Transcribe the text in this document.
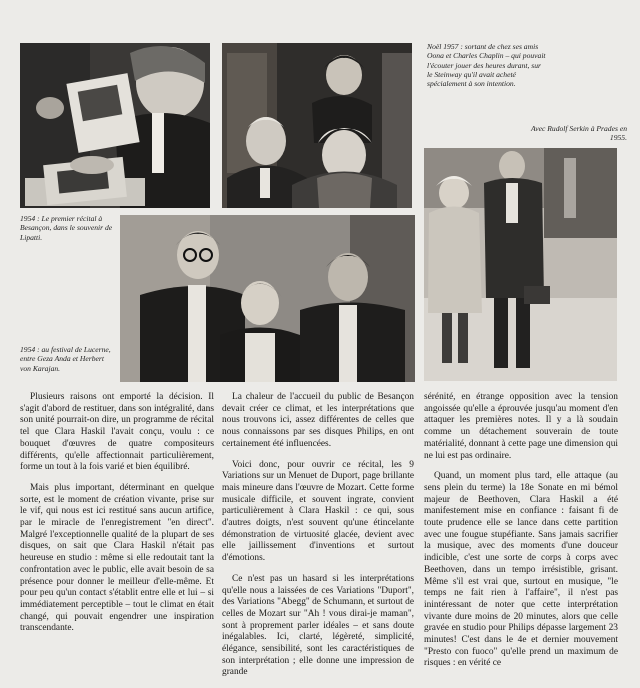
Noël 1957 : sortant de chez ses amis Oona et Charles Chaplin – qui pouvait l'écouter jouer des heures durant, sur le Steinway qu'il avait acheté spécialement à son intention.
Avec Rudolf Serkin à Prades en 1955.
1954 : Le premier récital à Besançon, dans le souvenir de Lipatti.
1954 : au festival de Lucerne, entre Geza Anda et Herbert von Karajan.

Plusieurs raisons ont emporté la décision. Il s'agit d'abord de restituer, dans son intégralité, dans son unité pourrait-on dire, un programme de récital tel que Clara Haskil l'avait conçu, voulu : ce bouquet d'œuvres de quatre compositeurs différents, qu'elle affectionnait particulièrement, forme un tout à la fois varié et bien équilibré.

Mais plus important, déterminant en quelque sorte, est le moment de création vivante, prise sur le vif, qui nous est ici restitué sans aucun artifice, par le miracle de l'enregistrement "en direct". Malgré l'exceptionnelle qualité de la plupart de ses disques, on sait que Clara Haskil n'était pas heureuse en studio : même si elle redoutait tant la confrontation avec le public, elle avait besoin de sa présence pour donner le meilleur d'elle-même. Et pour peu qu'un contact s'établit entre elle et lui – si immédiatement perceptible – tout le climat en était changé, qui pouvait engendrer une inspiration transcendante.

La chaleur de l'accueil du public de Besançon devait créer ce climat, et les interprétations que nous trouvons ici, assez différentes de celles que nous connaissons par ses disques Philips, en ont certainement été influencées.

Voici donc, pour ouvrir ce récital, les 9 Variations sur un Menuet de Duport, page brillante mais mineure dans l'œuvre de Mozart. Cette forme musicale difficile, et souvent ingrate, convient particulièrement à Clara Haskil : ce qui, sous d'autres doigts, n'est souvent qu'une étincelante démonstration de virtuosité glacée, devient avec elle jaillissement d'inventions et surtout d'émotions.

Ce n'est pas un hasard si les interprétations qu'elle nous a laissées de ces Variations "Duport", des Variations "Abegg" de Schumann, et surtout de celles de Mozart sur "Ah ! vous dirai-je maman", sont à proprement parler idéales – et sans doute inégalables. Ici, clarté, légèreté, simplicité, élégance, sensibilité, sont les caractéristiques de son interprétation ; elle donne une impression de grande

sérénité, en étrange opposition avec la tension angoissée qu'elle a éprouvée jusqu'au moment d'en attaquer les premières notes. Il y a là soudain comme un détachement souverain de toute matérialité, donnant à cette page une dimension qui ne lui est pas ordinaire.

Quand, un moment plus tard, elle attaque (au sens plein du terme) la 18e Sonate en mi bémol majeur de Beethoven, Clara Haskil a été manifestement mise en confiance : faisant fi de toute prudence elle se lance dans cette partition avec une fougue stupéfiante. Sans jamais sacrifier la musique, avec des moments d'une douceur indicible, c'est une sorte de corps à corps avec Beethoven, dans un tempo irrésistible, grisant. Même s'il est vrai que, surtout en musique, "le temps ne fait rien à l'affaire", il n'est pas inintéressant de noter que cette interprétation vivante dure moins de 20 minutes, alors que celle gravée en studio pour Philips dépasse largement 23 minutes! C'est dans le 4e et dernier mouvement "Presto con fuoco" qu'elle prend un maximum de risques : en vérité ce
